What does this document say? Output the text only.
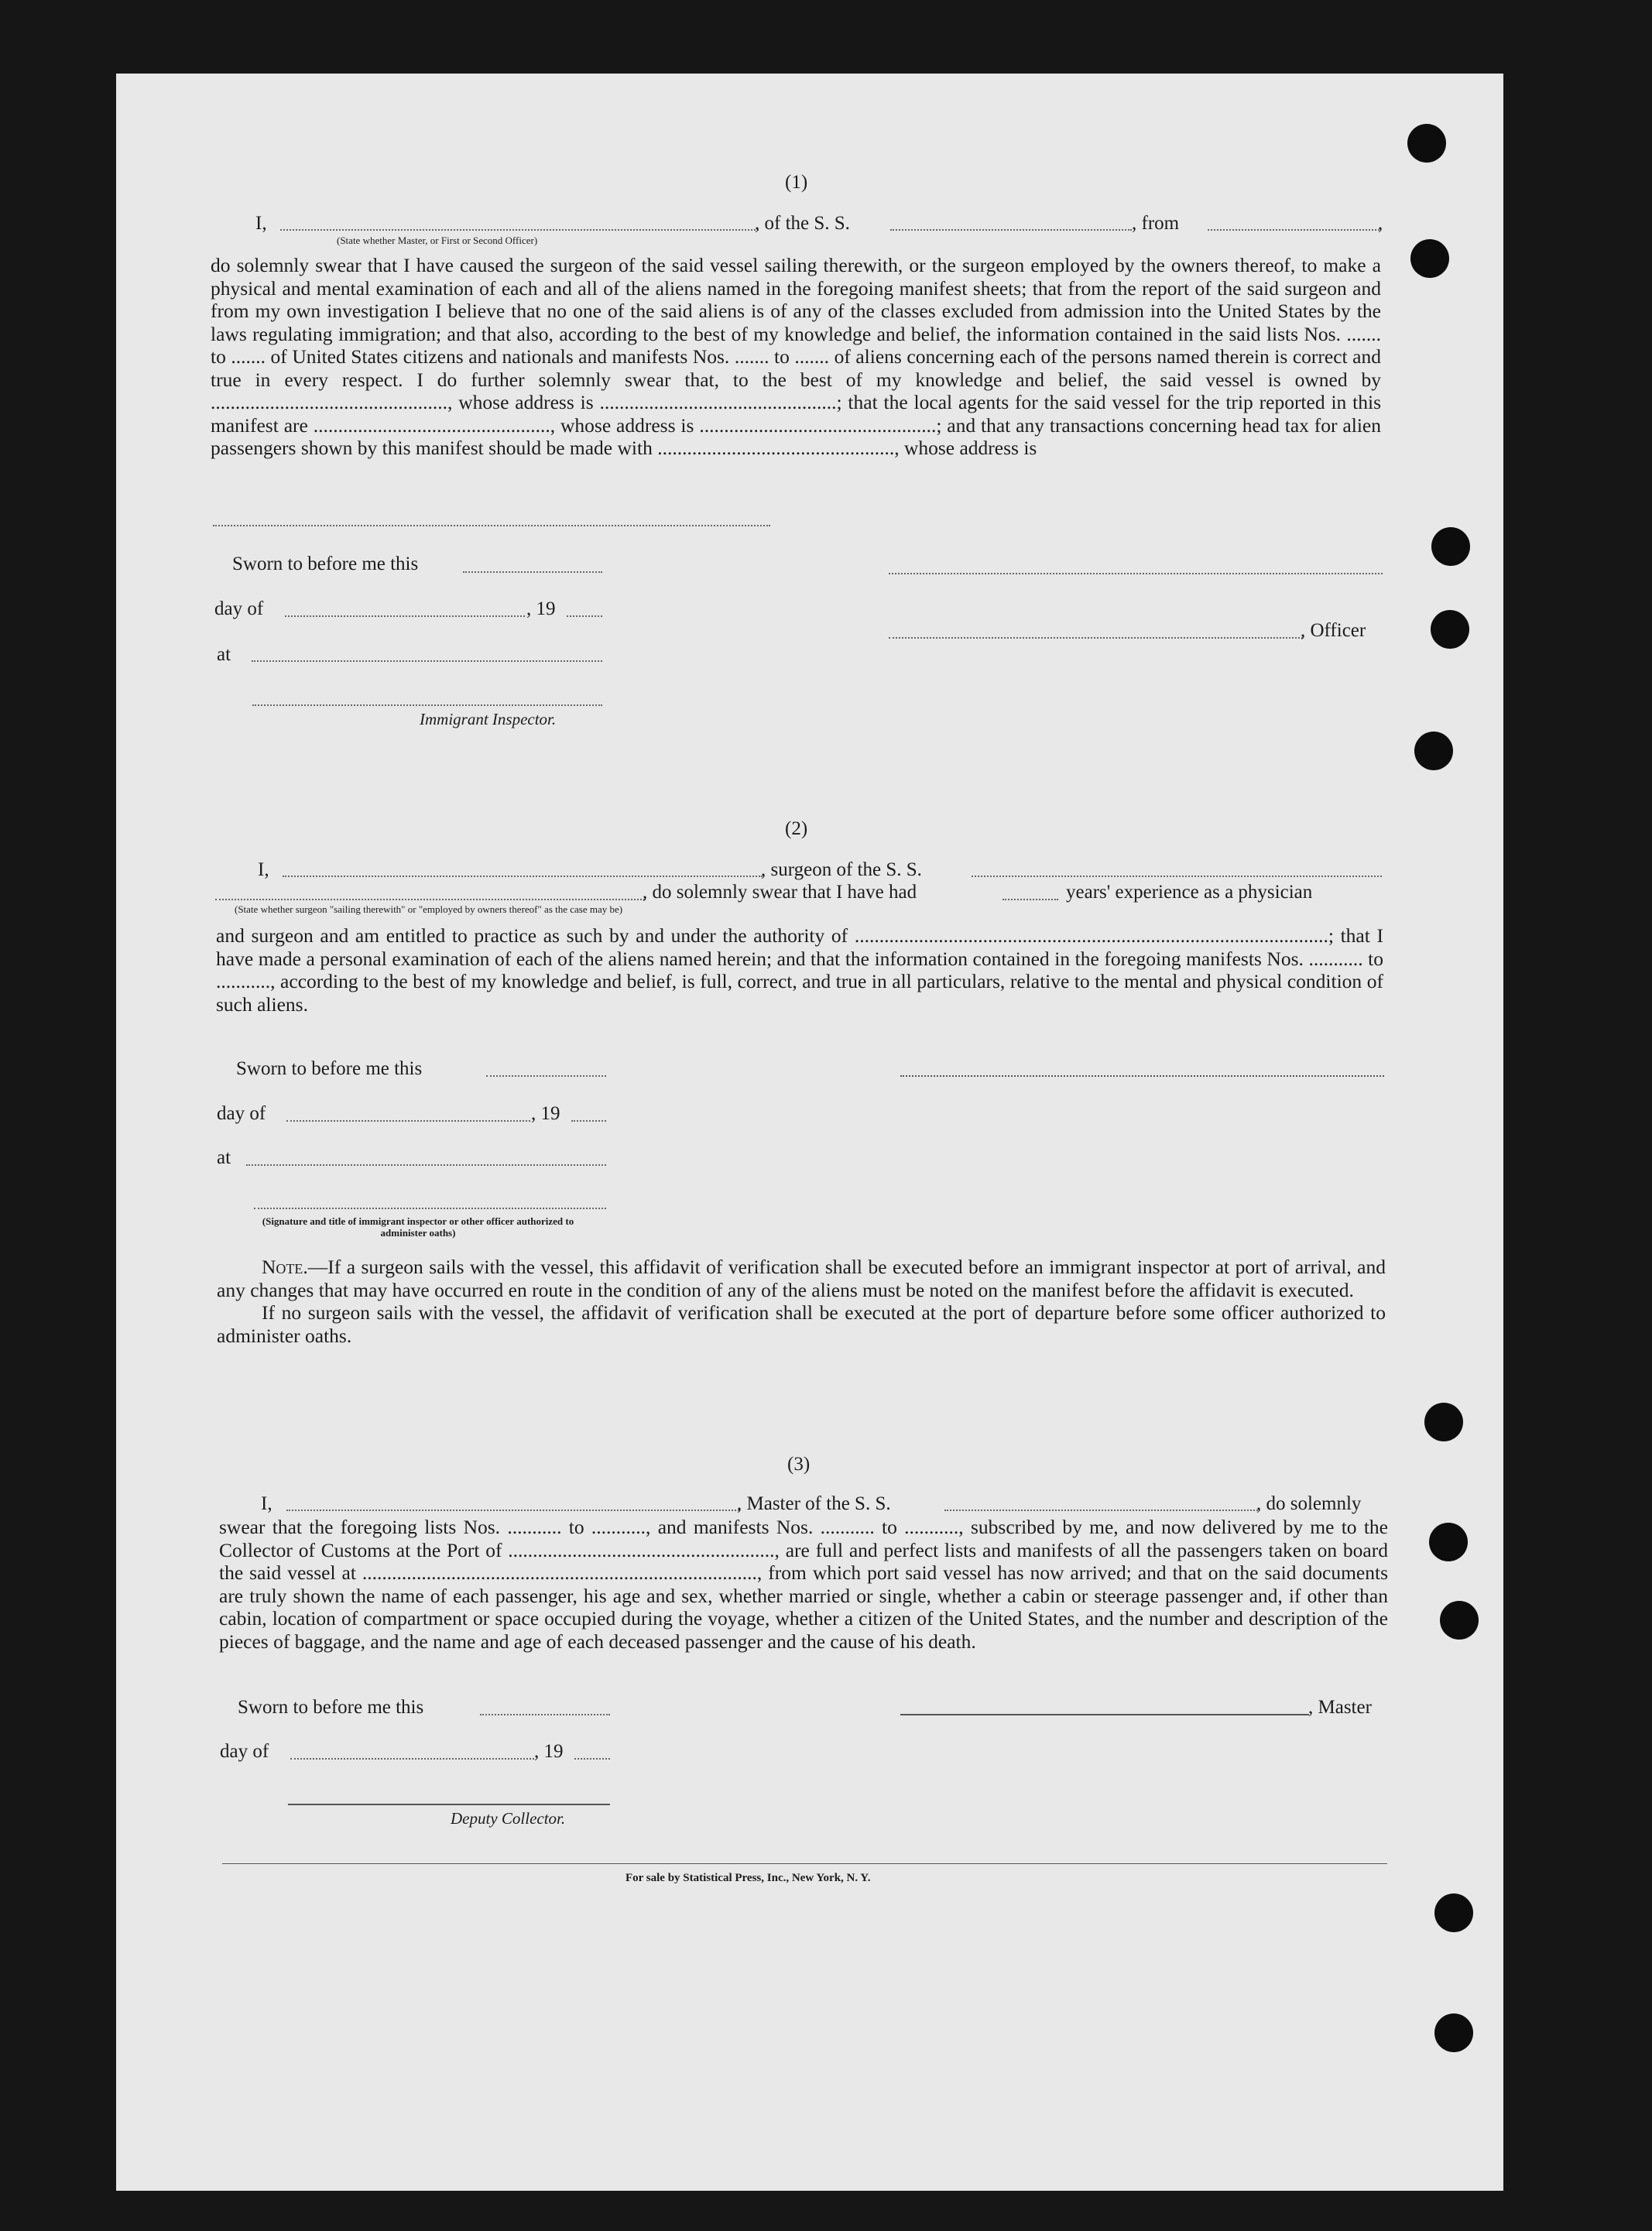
(1)
I,
(State whether Master, or First or Second Officer)
, of the S. S.	, from	,

do solemnly swear that I have caused the surgeon of the said vessel sailing therewith, or the surgeon employed by the owners thereof, to make a physical and mental examination of each and all of the aliens named in the foregoing manifest sheets; that from the report of the said surgeon and from my own investigation I believe that no one of the said aliens is of any of the classes excluded from admission into the United States by the laws regulating immigration; and that also, according to the best of my knowledge and belief, the information contained in the said lists Nos. ....... to ....... of United States citizens and nationals and manifests Nos. ....... to ....... of aliens concerning each of the persons named therein is correct and true in every respect. I do further solemnly swear that, to the best of my knowledge and belief, the said vessel is owned by ................................................, whose address is ................................................; that the local agents for the said vessel for the trip reported in this manifest are ................................................, whose address is ................................................; and that any transactions concerning head tax for alien passengers shown by this manifest should be made with ................................................, whose address is

Sworn to before me this
day of	, 19
, Officer
at
Immigrant Inspector.
(2)
I,	, surgeon of the S. S.
, do solemnly swear that I have had	years' experience as a physician
(State whether surgeon "sailing therewith" or "employed by owners thereof" as the case may be)

and surgeon and am entitled to practice as such by and under the authority of ................................................................................................; that I have made a personal examination of each of the aliens named herein; and that the information contained in the foregoing manifests Nos. ........... to ..........., according to the best of my knowledge and belief, is full, correct, and true in all particulars, relative to the mental and physical condition of such aliens.

Sworn to before me this
day of	, 19
at
(Signature and title of immigrant inspector or other officer authorized to administer oaths)

Note.—If a surgeon sails with the vessel, this affidavit of verification shall be executed before an immigrant inspector at port of arrival, and any changes that may have occurred en route in the condition of any of the aliens must be noted on the manifest before the affidavit is executed.

If no surgeon sails with the vessel, the affidavit of verification shall be executed at the port of departure before some officer authorized to administer oaths.

(3)
I,	, Master of the S. S.	, do solemnly

swear that the foregoing lists Nos. ........... to ..........., and manifests Nos. ........... to ..........., subscribed by me, and now delivered by me to the Collector of Customs at the Port of ......................................................, are full and perfect lists and manifests of all the passengers taken on board the said vessel at ................................................................................, from which port said vessel has now arrived; and that on the said documents are truly shown the name of each passenger, his age and sex, whether married or single, whether a cabin or steerage passenger and, if other than cabin, location of compartment or space occupied during the voyage, whether a citizen of the United States, and the number and description of the pieces of baggage, and the name and age of each deceased passenger and the cause of his death.

Sworn to before me this	, Master
day of	, 19
Deputy Collector.
For sale by Statistical Press, Inc., New York, N. Y.
